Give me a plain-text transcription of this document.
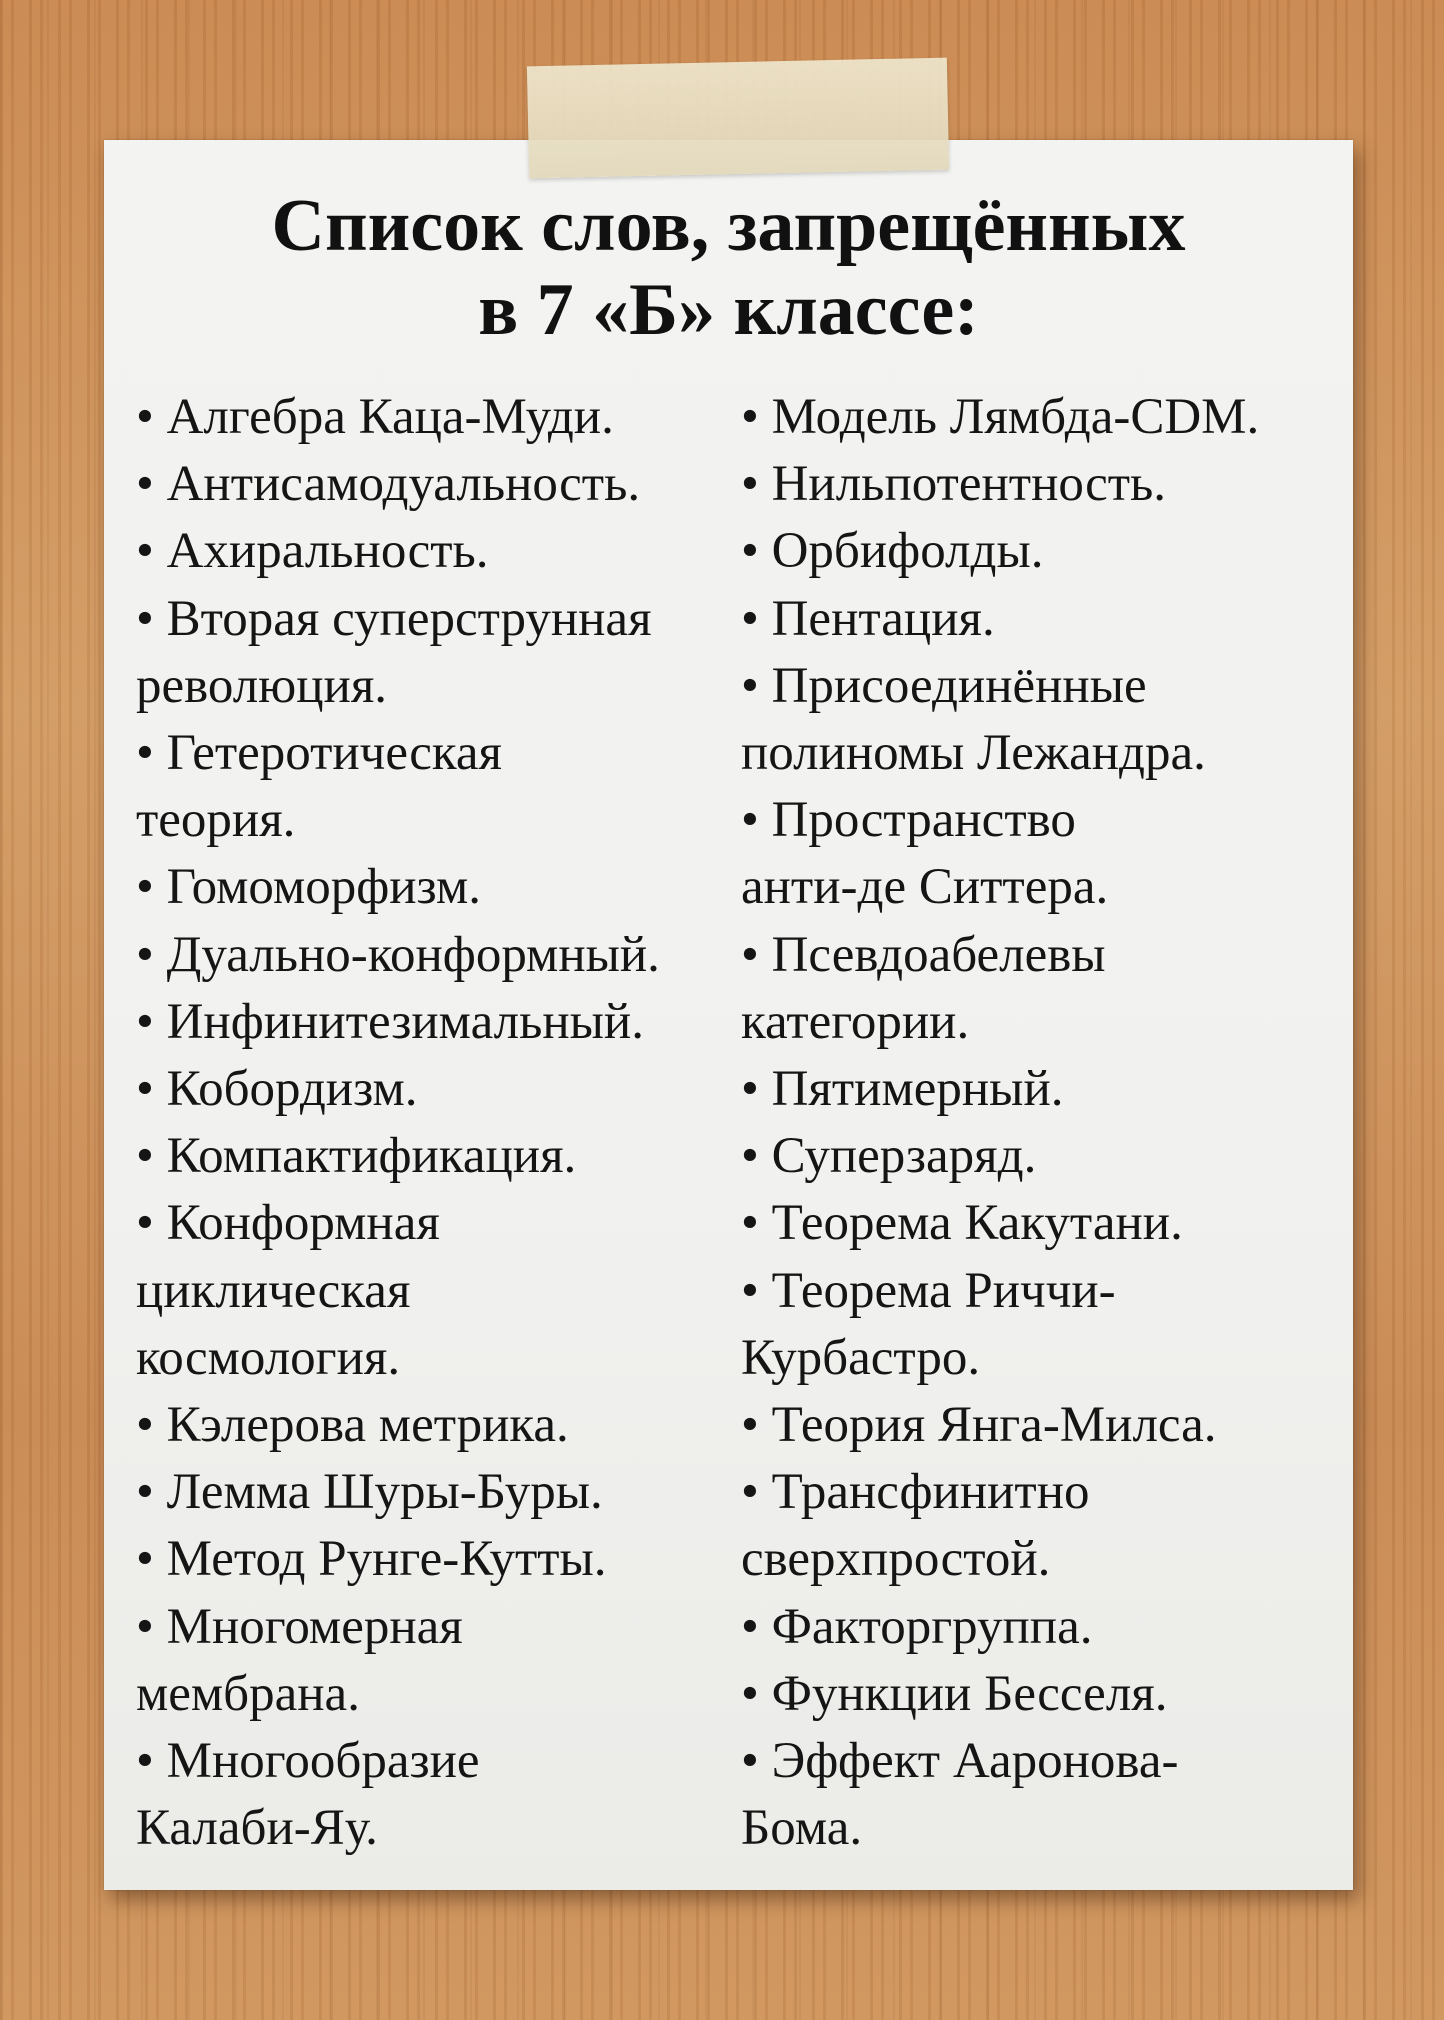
Список слов, запрещённых
в 7 «Б» классе:
• Алгебра Каца-Муди.
• Антисамодуальность.
• Ахиральность.
• Вторая суперструнная
революция.
• Гетеротическая
теория.
• Гомоморфизм.
• Дуально-конформный.
• Инфинитезимальный.
• Кобордизм.
• Компактификация.
• Конформная
циклическая
космология.
• Кэлерова метрика.
• Лемма Шуры-Буры.
• Метод Рунге-Кутты.
• Многомерная
мембрана.
• Многообразие
Калаби-Яу.
• Модель Лямбда-CDM.
• Нильпотентность.
• Орбифолды.
• Пентация.
• Присоединённые
полиномы Лежандра.
• Пространство
анти-де Ситтера.
• Псевдоабелевы
категории.
• Пятимерный.
• Суперзаряд.
• Теорема Какутани.
• Теорема Риччи-
Курбастро.
• Теория Янга-Милса.
• Трансфинитно
сверхпростой.
• Факторгруппа.
• Функции Бесселя.
• Эффект Ааронова-
Бома.
